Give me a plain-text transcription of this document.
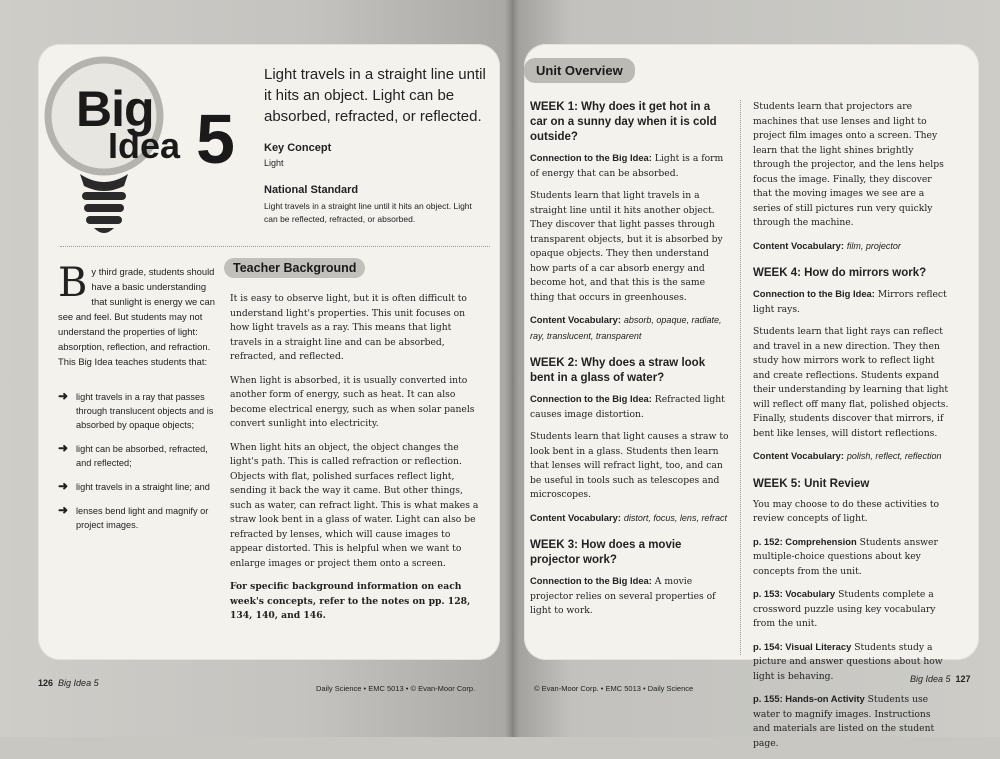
Big
Idea 5
Light travels in a straight line until it hits an object. Light can be absorbed, refracted, or reflected.
Key Concept
Light
National Standard
Light travels in a straight line until it hits an object. Light can be reflected, refracted, or absorbed.
By third grade, students should have a basic understanding that sunlight is energy we can see and feel. But students may not understand the properties of light: absorption, reflection, and refraction. This Big Idea teaches students that:
➜ light travels in a ray that passes through translucent objects and is absorbed by opaque objects;
➜ light can be absorbed, refracted, and reflected;
➜ light travels in a straight line; and
➜ lenses bend light and magnify or project images.
Teacher Background

It is easy to observe light, but it is often difficult to understand light's properties. This unit focuses on how light travels as a ray. This means that light travels in a straight line and can be absorbed, refracted, and reflected.

When light is absorbed, it is usually converted into another form of energy, such as heat. It can also become electrical energy, such as when solar panels convert sunlight into electricity.

When light hits an object, the object changes the light's path. This is called refraction or reflection. Objects with flat, polished surfaces reflect light, sending it back the way it came. But other things, such as water, can refract light. This is what makes a straw look bent in a glass of water. Light can also be refracted by lenses, which will cause images to appear distorted. This is helpful when we want to enlarge images or project them onto a screen.

For specific background information on each week's concepts, refer to the notes on pp. 128, 134, 140, and 146.

126 Big Idea 5
Daily Science • EMC 5013 • © Evan-Moor Corp.
Unit Overview
WEEK 1: Why does it get hot in a car on a sunny day when it is cold outside?

Connection to the Big Idea: Light is a form of energy that can be absorbed.

Students learn that light travels in a straight line until it hits another object. They discover that light passes through transparent objects, but it is absorbed by opaque objects. They then understand how parts of a car absorb energy and become hot, and that this is the same thing that occurs in greenhouses.

Content Vocabulary: absorb, opaque, radiate, ray, translucent, transparent

WEEK 2: Why does a straw look bent in a glass of water?

Connection to the Big Idea: Refracted light causes image distortion.

Students learn that light causes a straw to look bent in a glass. Students then learn that lenses will refract light, too, and can be useful in tools such as telescopes and microscopes.

Content Vocabulary: distort, focus, lens, refract

WEEK 3: How does a movie projector work?

Connection to the Big Idea: A movie projector relies on several properties of light to work.

Students learn that projectors are machines that use lenses and light to project film images onto a screen. They learn that the light shines brightly through the projector, and the lens helps focus the image. Finally, they discover that the moving images we see are a series of still pictures run very quickly through the machine.

Content Vocabulary: film, projector

WEEK 4: How do mirrors work?

Connection to the Big Idea: Mirrors reflect light rays.

Students learn that light rays can reflect and travel in a new direction. They then study how mirrors work to reflect light and create reflections. Students expand their understanding by learning that light will reflect off many flat, polished objects. Finally, students discover that mirrors, if bent like lenses, will distort reflections.

Content Vocabulary: polish, reflect, reflection

WEEK 5: Unit Review

You may choose to do these activities to review concepts of light.

p. 152: Comprehension Students answer multiple-choice questions about key concepts from the unit.

p. 153: Vocabulary Students complete a crossword puzzle using key vocabulary from the unit.

p. 154: Visual Literacy Students study a picture and answer questions about how light is behaving.

p. 155: Hands-on Activity Students use water to magnify images. Instructions and materials are listed on the student page.

© Evan-Moor Corp. • EMC 5013 • Daily Science
Big Idea 5 127
